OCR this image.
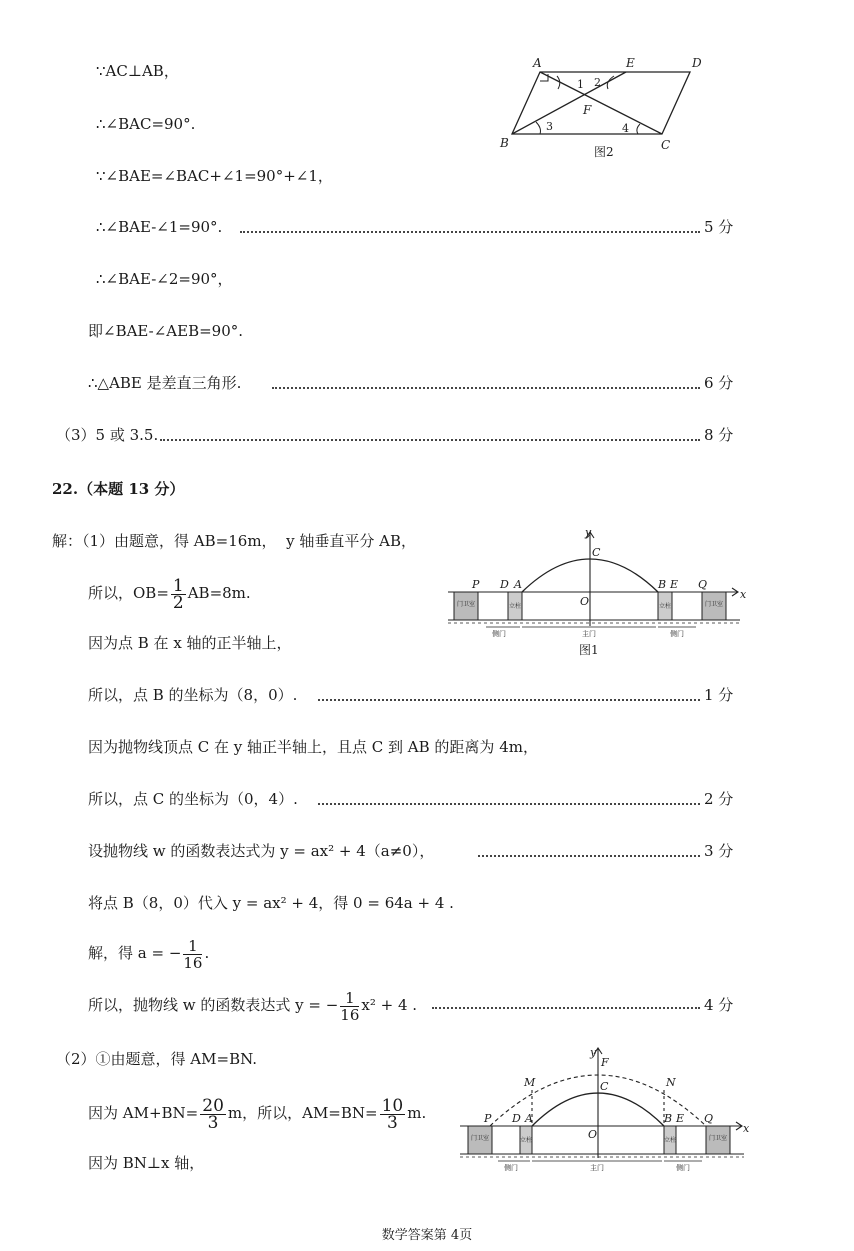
∵AC⊥AB，
∴∠BAC=90°.
∵∠BAE=∠BAC+∠1=90°+∠1，
∴∠BAE-∠1=90°.	5 分
∴∠BAE-∠2=90°，
即∠BAE-∠AEB=90°.
∴△ABE 是差直三角形.	6 分
（3）5 或 3.5.	8 分
A	E	D
B	C
F
1 2
3	4
图2
22.（本题 13 分）
解：（1）由题意，得 AB=16m， y 轴垂直平分 AB，
所以，$OB= \frac{1}{2} AB=8m$.
因为点 B 在 x 轴的正半轴上，
所以，点 B 的坐标为（8，0）.	1 分
因为抛物线顶点 C 在 y 轴正半轴上，且点 C 到 AB 的距离为 4m，
所以，点 C 的坐标为（0，4）.	2 分
设抛物线 w 的函数表达式为 y = ax² + 4（a≠0），	3 分
将点 B（8，0）代入 y = ax² + 4，得 0 = 64a + 4 .
解，得 a = − $\frac{1}{16}$ .
所以，抛物线 w 的函数表达式 y = − $\frac{1}{16} x^2 + 4$ .	4 分
（2）①由题意，得 AM=BN.
因为 $AM+BN= \frac{20}{3}$ m，所以，$AM=BN= \frac{10}{3} m$.
因为 BN⊥x 轴，
y
C
P D A	B E Q
x
O
门卫室	门卫室
立柱	立柱
侧门	主门	侧门
图1
y
F
M	N
C
P D A	B E Q
x
O
门卫室	门卫室
立柱	立柱
侧门	主门	侧门
数学答案第 4页
